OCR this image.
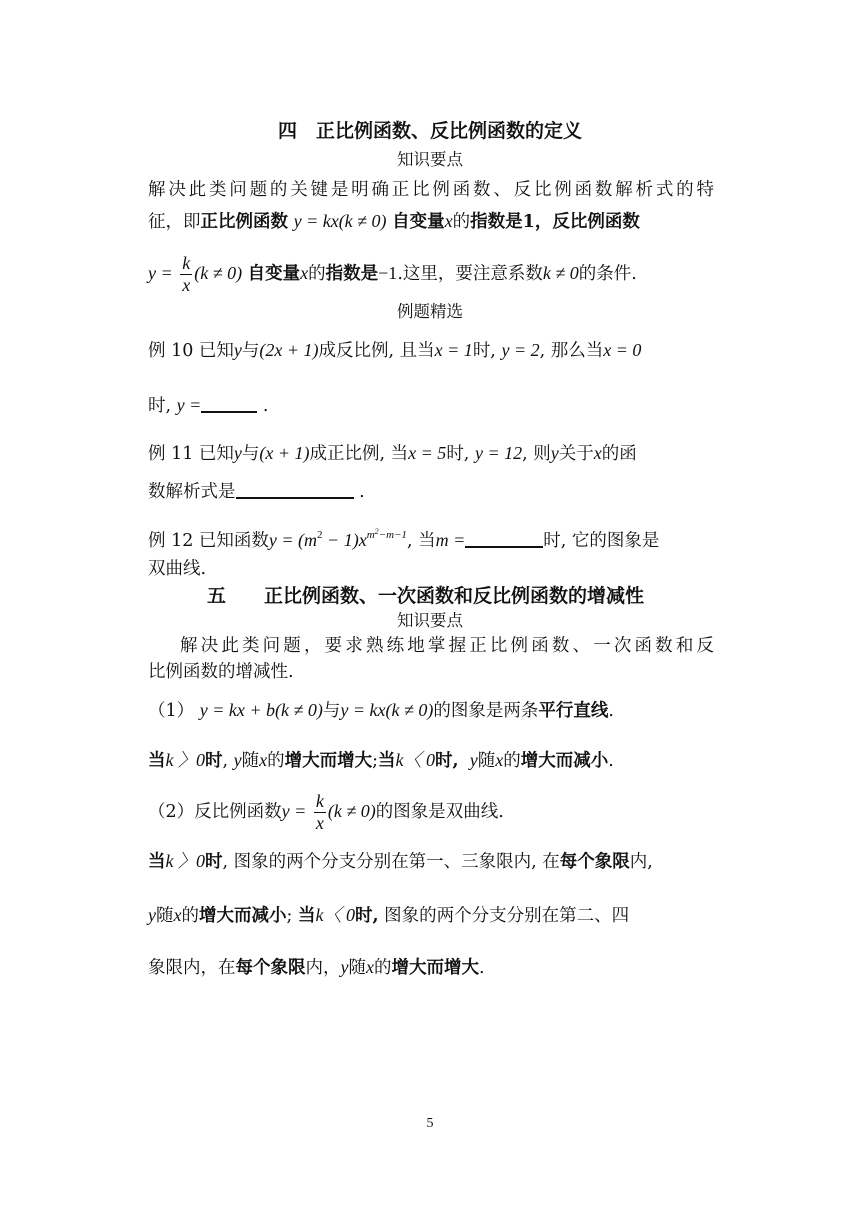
四　正比例函数、反比例函数的定义
知识要点
解决此类问题的关键是明确正比例函数、反比例函数解析式的特
征，即正比例函数 y = kx(k ≠ 0) 自变量x的指数是1，反比例函数
$y = \frac{k}{x} (k \ne 0)$ 自变量x的指数是−1.这里，要注意系数k ≠ 0的条件.
例题精选
例 10 已知y与(2x + 1)成反比例, 且当x = 1时, y = 2, 那么当x = 0
时, y =	.
例 11 已知y与(x + 1)成正比例, 当x = 5时, y = 12, 则y关于x的函
数解析式是	.
例 12 已知函数$y = (m^2 - 1)x^{m^2-m-1}$, 当m =	时, 它的图象是
双曲线.
五　　正比例函数、一次函数和反比例函数的增减性
知识要点
解决此类问题，要求熟练地掌握正比例函数、一次函数和反
比例函数的增减性.
（1） y = kx + b(k ≠ 0)与y = kx(k ≠ 0)的图象是两条平行直线.
当k 〉0时, y随x的增大而增大;当k〈 0时, y随x的增大而减小.
（2）反比例函数$y = \frac{k}{x} (k \ne 0)$的图象是双曲线.
当k 〉0时, 图象的两个分支分别在第一、三象限内, 在每个象限内,
y随x的增大而减小; 当k〈 0时, 图象的两个分支分别在第二、四
象限内，在每个象限内，y随x的增大而增大.
5
